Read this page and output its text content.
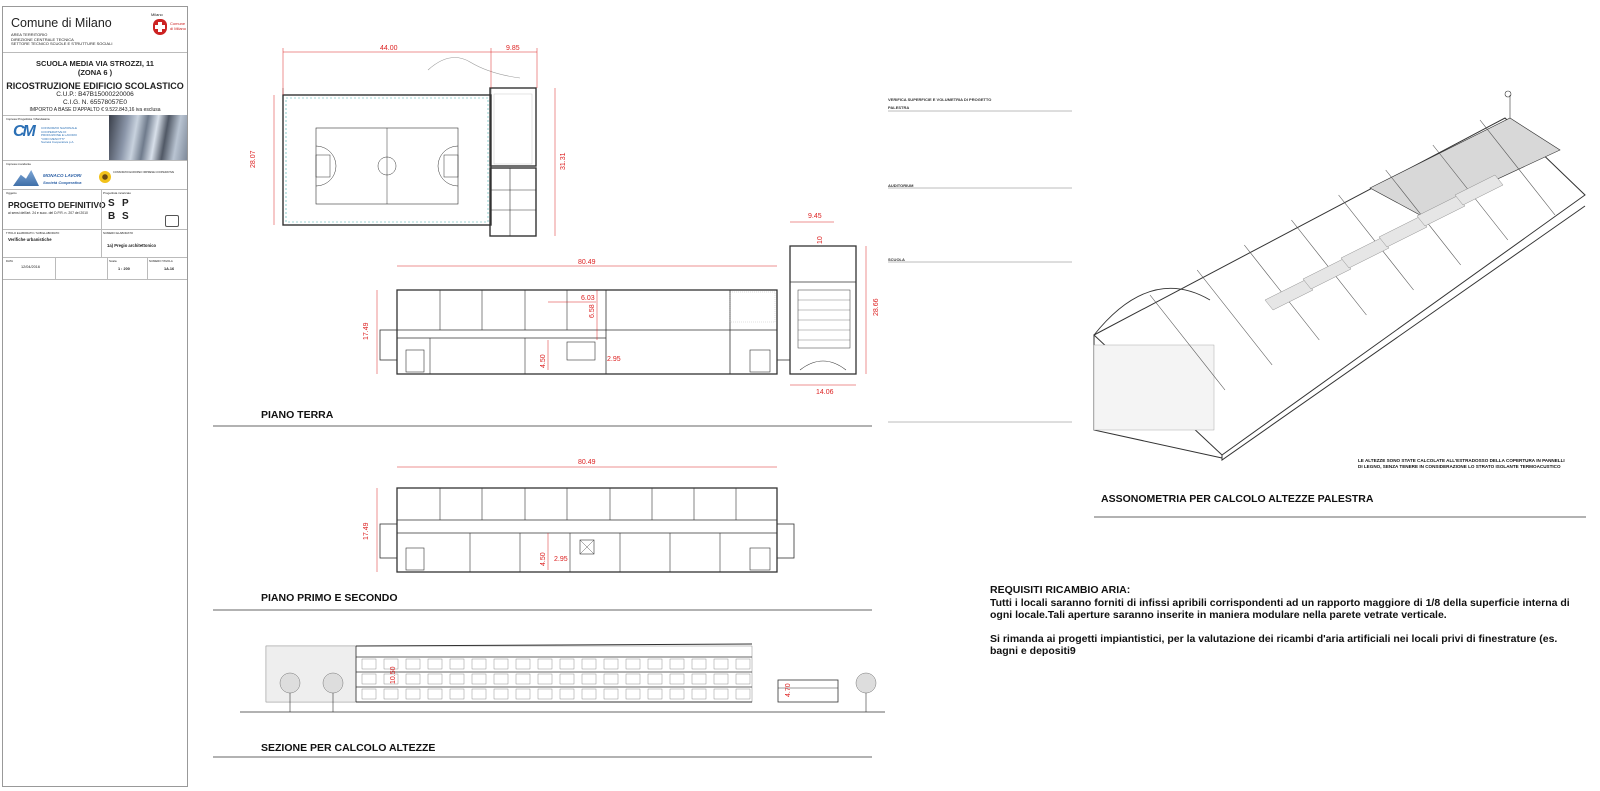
Comune di Milano
AREA TERRITORIO
DIREZIONE CENTRALE TECNICA
SETTORE TECNICO SCUOLE E STRUTTURE SOCIALI
Milano
Comune di Milano
SCUOLA MEDIA VIA STROZZI, 11
(ZONA 6 )
RICOSTRUZIONE EDIFICIO SCOLASTICO
C.U.P.: B47B15000220006
C.I.G. N. 65578057E0
IMPORTO A BASE D'APPALTO € 9.522.843,16 iva esclusa
Impresa Progettista / Mandataria
CM CONSORZIO NAZIONALE
COOPERATIVE DI
PRODUZIONE E LAVORO
"CIRO MENOTTI"
Società Cooperativa p.A.
Impresa mandante
MONACO LAVORI
Società Cooperativa
CONSORZIO EUROPEO IMPRESE COOPERATIVE
Oggetto
PROGETTO DEFINITIVO
ai sensi dell'art. 24 e succ. del D.P.R. n. 207 del 2010
Progettista incaricato
S P
B S
TITOLO ELABORATO / SUB ELABORATO
Verifiche urbanistiche
NUMERO ELABORATO
1a) Pregio architettonico
DATA
12/04/2016
Scala
1 : 200
NUMERO TAVOLA
1A.16
44.00	9.85
28.07	31.31
80.49
17.49
6.03
6.58
4.50	2.95
9.45
10
28.66
14.06
PIANO TERRA
80.49
17.49
4.50 2.95
PIANO PRIMO E SECONDO
10.50
4.70
SEZIONE PER CALCOLO ALTEZZE
ASSONOMETRIA PER CALCOLO ALTEZZE PALESTRA
VERIFICA SUPERFICIE E VOLUMETRIA DI PROGETTO
PALESTRA
AUDITORIUM
SCUOLA
LE ALTEZZE SONO STATE CALCOLATE ALL'ESTRADOSSO DELLA COPERTURA IN PANNELLI DI LEGNO, SENZA TENERE IN CONSIDERAZIONE LO STRATO ISOLANTE TERMOACUSTICO

REQUISITI RICAMBIO ARIA:

Tutti i locali saranno forniti di infissi apribili corrispondenti ad un rapporto maggiore di 1/8 della superficie interna di ogni locale.Tali aperture saranno inserite in maniera modulare nella parete vetrate verticale.

Si rimanda ai progetti impiantistici, per la valutazione dei ricambi d'aria artificiali nei locali privi di finestrature (es. bagni e depositi9
